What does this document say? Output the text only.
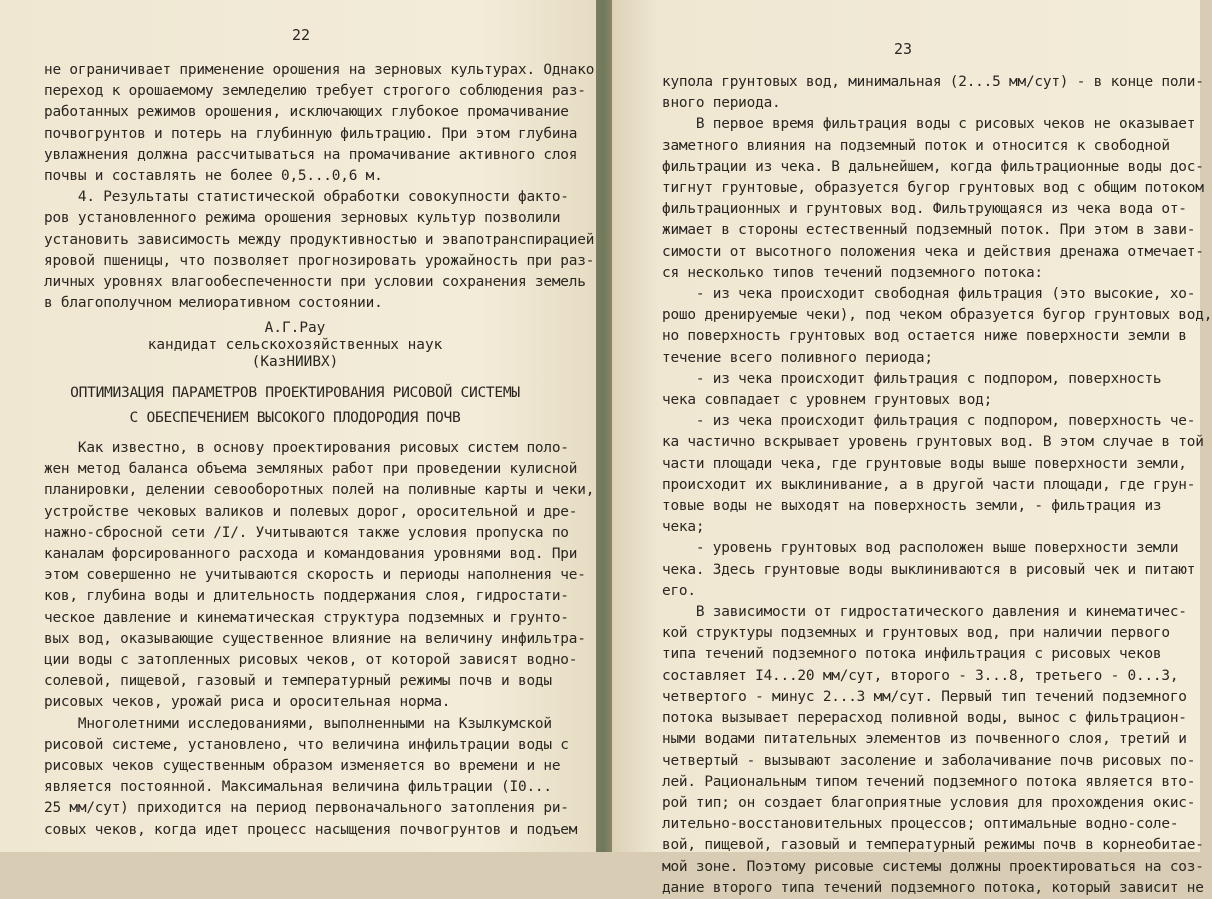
22
не ограничивает применение орошения на зерновых культурах. Однако
переход к орошаемому земледелию требует строгого соблюдения раз-
работанных режимов орошения, исключающих глубокое промачивание
почвогрунтов и потерь на глубинную фильтрацию. При этом глубина
увлажнения должна рассчитываться на промачивание активного слоя
почвы и составлять не более 0,5...0,6 м.
4. Результаты статистической обработки совокупности факто-
ров установленного режима орошения зерновых культур позволили
установить зависимость между продуктивностью и эвапотранспирацией
яровой пшеницы, что позволяет прогнозировать урожайность при раз-
личных уровнях влагообеспеченности при условии сохранения земель
в благополучном мелиоративном состоянии.
А.Г.Рау
кандидат сельскохозяйственных наук
(КазНИИВХ)
ОПТИМИЗАЦИЯ ПАРАМЕТРОВ ПРОЕКТИРОВАНИЯ РИСОВОЙ СИСТЕМЫ
С ОБЕСПЕЧЕНИЕМ ВЫСОКОГО ПЛОДОРОДИЯ ПОЧВ
Как известно, в основу проектирования рисовых систем поло-
жен метод баланса объема земляных работ при проведении кулисной
планировки, делении севооборотных полей на поливные карты и чеки,
устройстве чековых валиков и полевых дорог, оросительной и дре-
нажно-сбросной сети /I/. Учитываются также условия пропуска по
каналам форсированного расхода и командования уровнями вод. При
этом совершенно не учитываются скорость и периоды наполнения че-
ков, глубина воды и длительность поддержания слоя, гидростати-
ческое давление и кинематическая структура подземных и грунто-
вых вод, оказывающие существенное влияние на величину инфильтра-
ции воды с затопленных рисовых чеков, от которой зависят водно-
солевой, пищевой, газовый и температурный режимы почв и воды
рисовых чеков, урожай риса и оросительная норма.
Многолетними исследованиями, выполненными на Кзылкумской
рисовой системе, установлено, что величина инфильтрации воды с
рисовых чеков существенным образом изменяется во времени и не
является постоянной. Максимальная величина фильтрации (I0...
25 мм/сут) приходится на период первоначального затопления ри-
совых чеков, когда идет процесс насыщения почвогрунтов и подъем
23
купола грунтовых вод, минимальная (2...5 мм/сут) - в конце поли-
вного периода.
В первое время фильтрация воды с рисовых чеков не оказывает
заметного влияния на подземный поток и относится к свободной
фильтрации из чека. В дальнейшем, когда фильтрационные воды дос-
тигнут грунтовые, образуется бугор грунтовых вод с общим потоком
фильтрационных и грунтовых вод. Фильтрующаяся из чека вода от-
жимает в стороны естественный подземный поток. При этом в зави-
симости от высотного положения чека и действия дренажа отмечает-
ся несколько типов течений подземного потока:
- из чека происходит свободная фильтрация (это высокие, хо-
рошо дренируемые чеки), под чеком образуется бугор грунтовых вод,
но поверхность грунтовых вод остается ниже поверхности земли в
течение всего поливного периода;
- из чека происходит фильтрация с подпором, поверхность
чека совпадает с уровнем грунтовых вод;
- из чека происходит фильтрация с подпором, поверхность че-
ка частично вскрывает уровень грунтовых вод. В этом случае в той
части площади чека, где грунтовые воды выше поверхности земли,
происходит их выклинивание, а в другой части площади, где грун-
товые воды не выходят на поверхность земли, - фильтрация из
чека;
- уровень грунтовых вод расположен выше поверхности земли
чека. Здесь грунтовые воды выклиниваются в рисовый чек и питают
его.
В зависимости от гидростатического давления и кинематичес-
кой структуры подземных и грунтовых вод, при наличии первого
типа течений подземного потока инфильтрация с рисовых чеков
составляет I4...20 мм/сут, второго - 3...8, третьего - 0...3,
четвертого - минус 2...3 мм/сут. Первый тип течений подземного
потока вызывает перерасход поливной воды, вынос с фильтрацион-
ными водами питательных элементов из почвенного слоя, третий и
четвертый - вызывают засоление и заболачивание почв рисовых по-
лей. Рациональным типом течений подземного потока является вто-
рой тип; он создает благоприятные условия для прохождения окис-
лительно-восстановительных процессов; оптимальные водно-соле-
вой, пищевой, газовый и температурный режимы почв в корнеобитае-
мой зоне. Поэтому рисовые системы должны проектироваться на соз-
дание второго типа течений подземного потока, который зависит не
